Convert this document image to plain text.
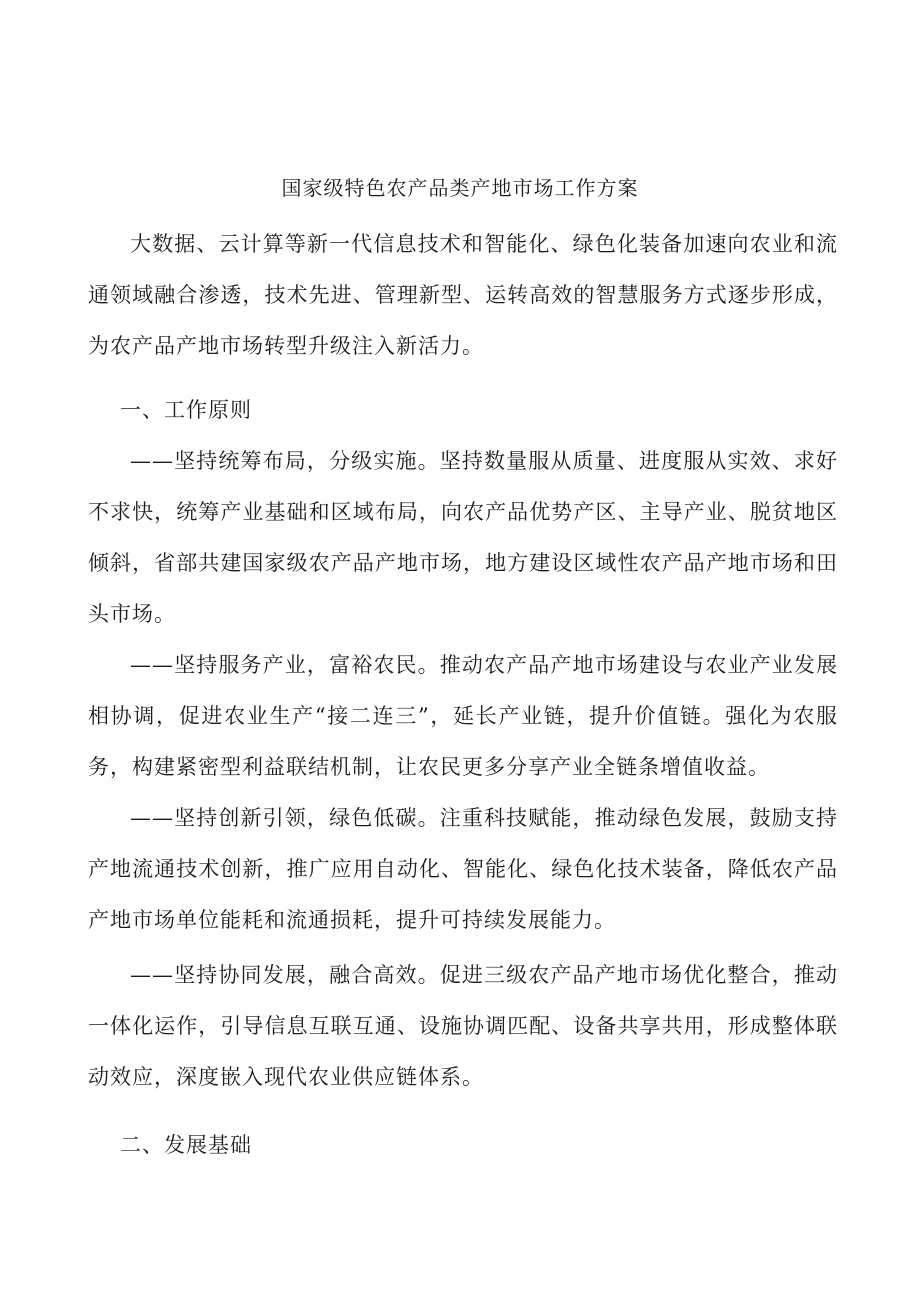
国家级特色农产品类产地市场工作方案

大数据、云计算等新一代信息技术和智能化、绿色化装备加速向农业和流通领域融合渗透，技术先进、管理新型、运转高效的智慧服务方式逐步形成，为农产品产地市场转型升级注入新活力。

一、工作原则

——坚持统筹布局，分级实施。坚持数量服从质量、进度服从实效、求好不求快，统筹产业基础和区域布局，向农产品优势产区、主导产业、脱贫地区倾斜，省部共建国家级农产品产地市场，地方建设区域性农产品产地市场和田头市场。

——坚持服务产业，富裕农民。推动农产品产地市场建设与农业产业发展相协调，促进农业生产“接二连三”，延长产业链，提升价值链。强化为农服务，构建紧密型利益联结机制，让农民更多分享产业全链条增值收益。

——坚持创新引领，绿色低碳。注重科技赋能，推动绿色发展，鼓励支持产地流通技术创新，推广应用自动化、智能化、绿色化技术装备，降低农产品产地市场单位能耗和流通损耗，提升可持续发展能力。

——坚持协同发展，融合高效。促进三级农产品产地市场优化整合，推动一体化运作，引导信息互联互通、设施协调匹配、设备共享共用，形成整体联动效应，深度嵌入现代农业供应链体系。

二、发展基础
